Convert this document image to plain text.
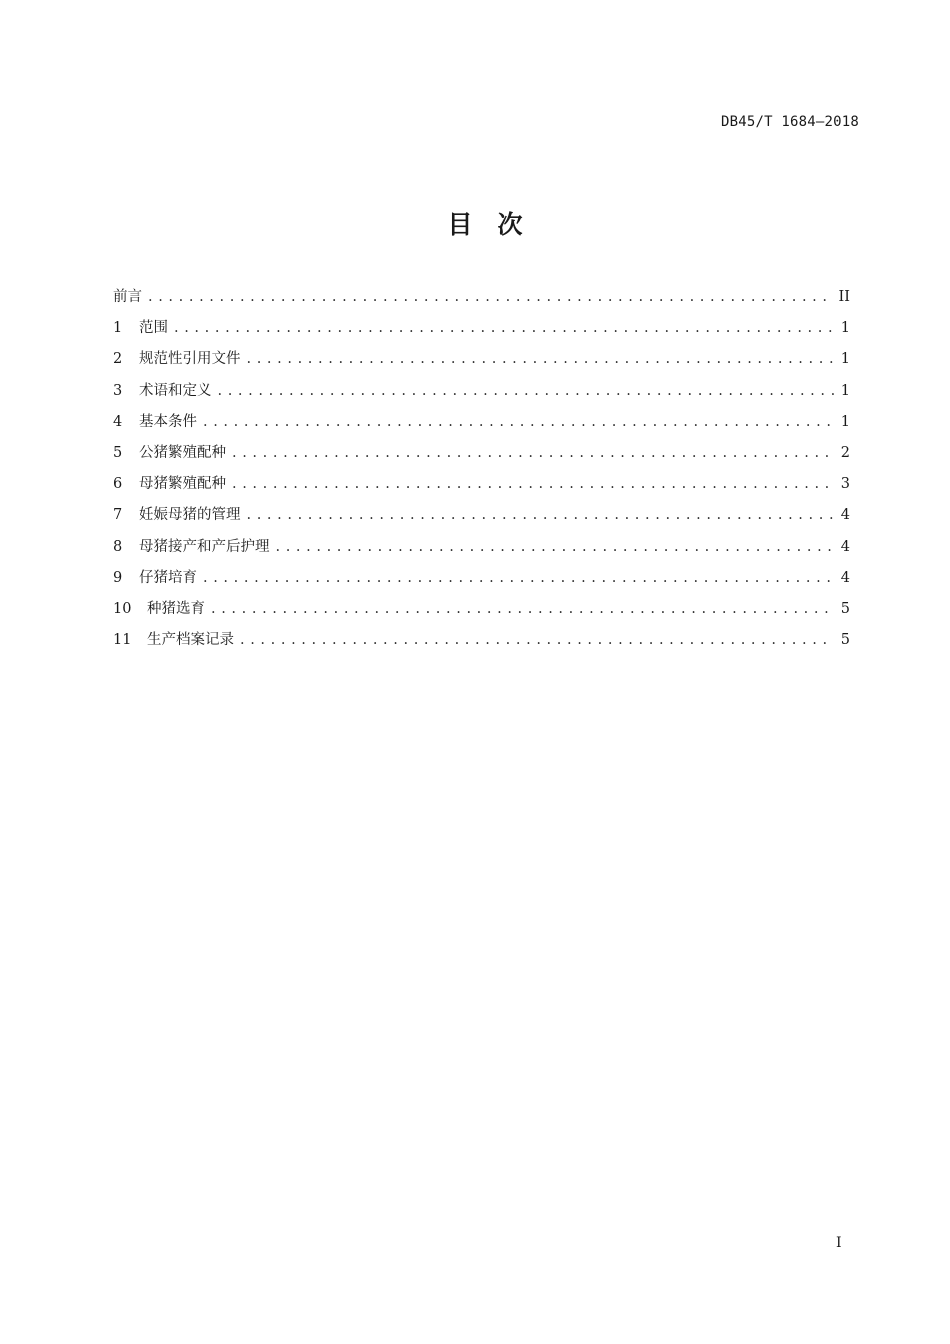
DB45/T 1684—2018
目　次
前言 . . .	II
1	范围 . . .	1
2	规范性引用文件 . . .	1
3	术语和定义 . . .	1
4	基本条件 . . .	1
5	公猪繁殖配种 . . .	2
6	母猪繁殖配种 . . .	3
7	妊娠母猪的管理 . . .	4
8	母猪接产和产后护理 . . .	4
9	仔猪培育 . . .	4
10	种猪选育 . . .	5
11	生产档案记录 . . .	5
I
